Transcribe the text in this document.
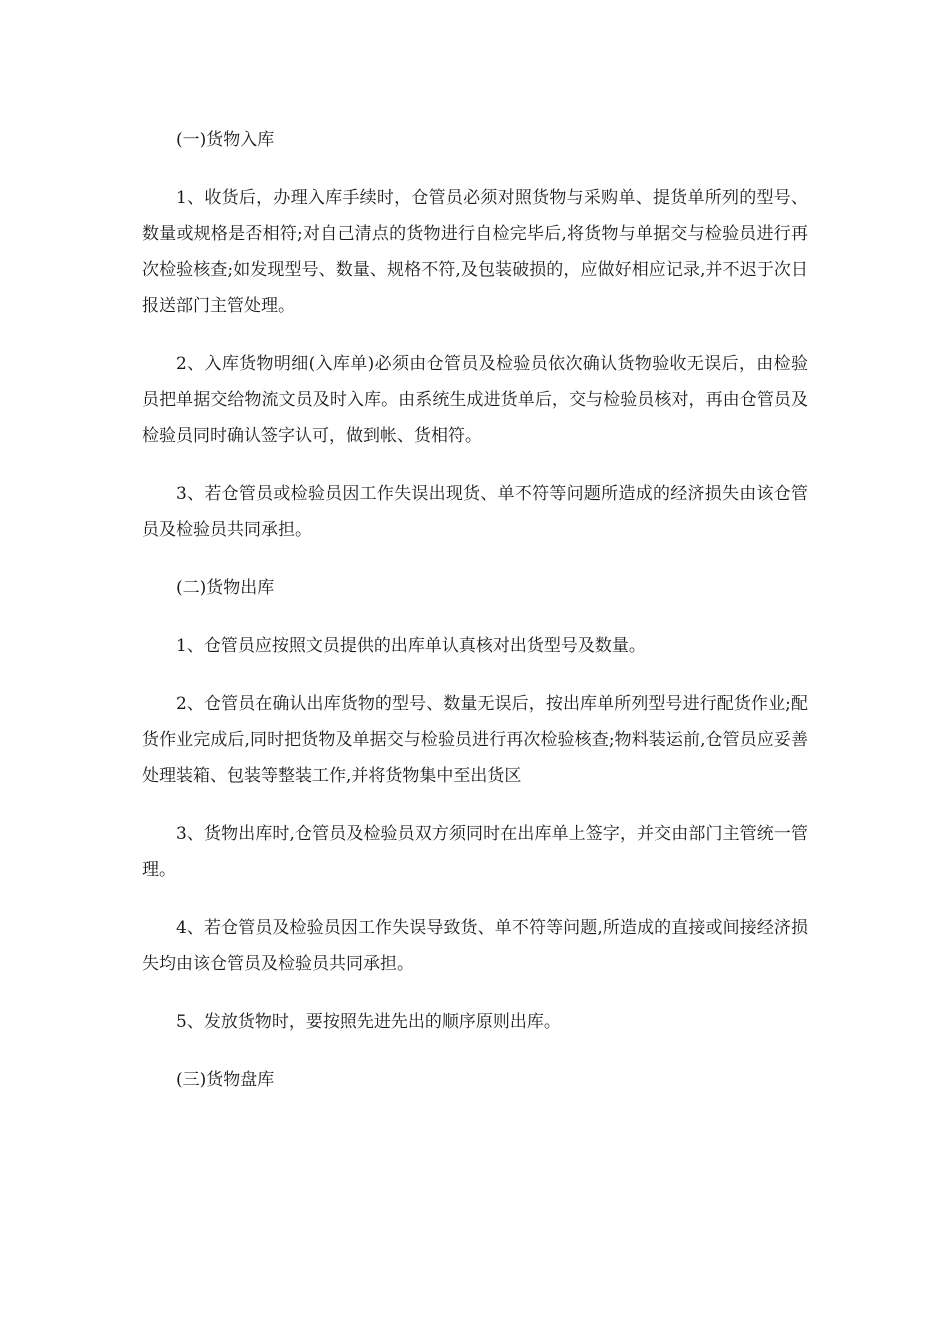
(一)货物入库

1、收货后，办理入库手续时，仓管员必须对照货物与采购单、提货单所列的型号、数量或规格是否相符;对自己清点的货物进行自检完毕后,将货物与单据交与检验员进行再次检验核查;如发现型号、数量、规格不符,及包装破损的，应做好相应记录,并不迟于次日报送部门主管处理。

2、入库货物明细(入库单)必须由仓管员及检验员依次确认货物验收无误后，由检验员把单据交给物流文员及时入库。由系统生成进货单后，交与检验员核对，再由仓管员及检验员同时确认签字认可，做到帐、货相符。

3、若仓管员或检验员因工作失误出现货、单不符等问题所造成的经济损失由该仓管员及检验员共同承担。

(二)货物出库

1、仓管员应按照文员提供的出库单认真核对出货型号及数量。

2、仓管员在确认出库货物的型号、数量无误后，按出库单所列型号进行配货作业;配货作业完成后,同时把货物及单据交与检验员进行再次检验核查;物料装运前,仓管员应妥善处理装箱、包装等整装工作,并将货物集中至出货区

3、货物出库时,仓管员及检验员双方须同时在出库单上签字，并交由部门主管统一管理。

4、若仓管员及检验员因工作失误导致货、单不符等问题,所造成的直接或间接经济损失均由该仓管员及检验员共同承担。

5、发放货物时，要按照先进先出的顺序原则出库。

(三)货物盘库
